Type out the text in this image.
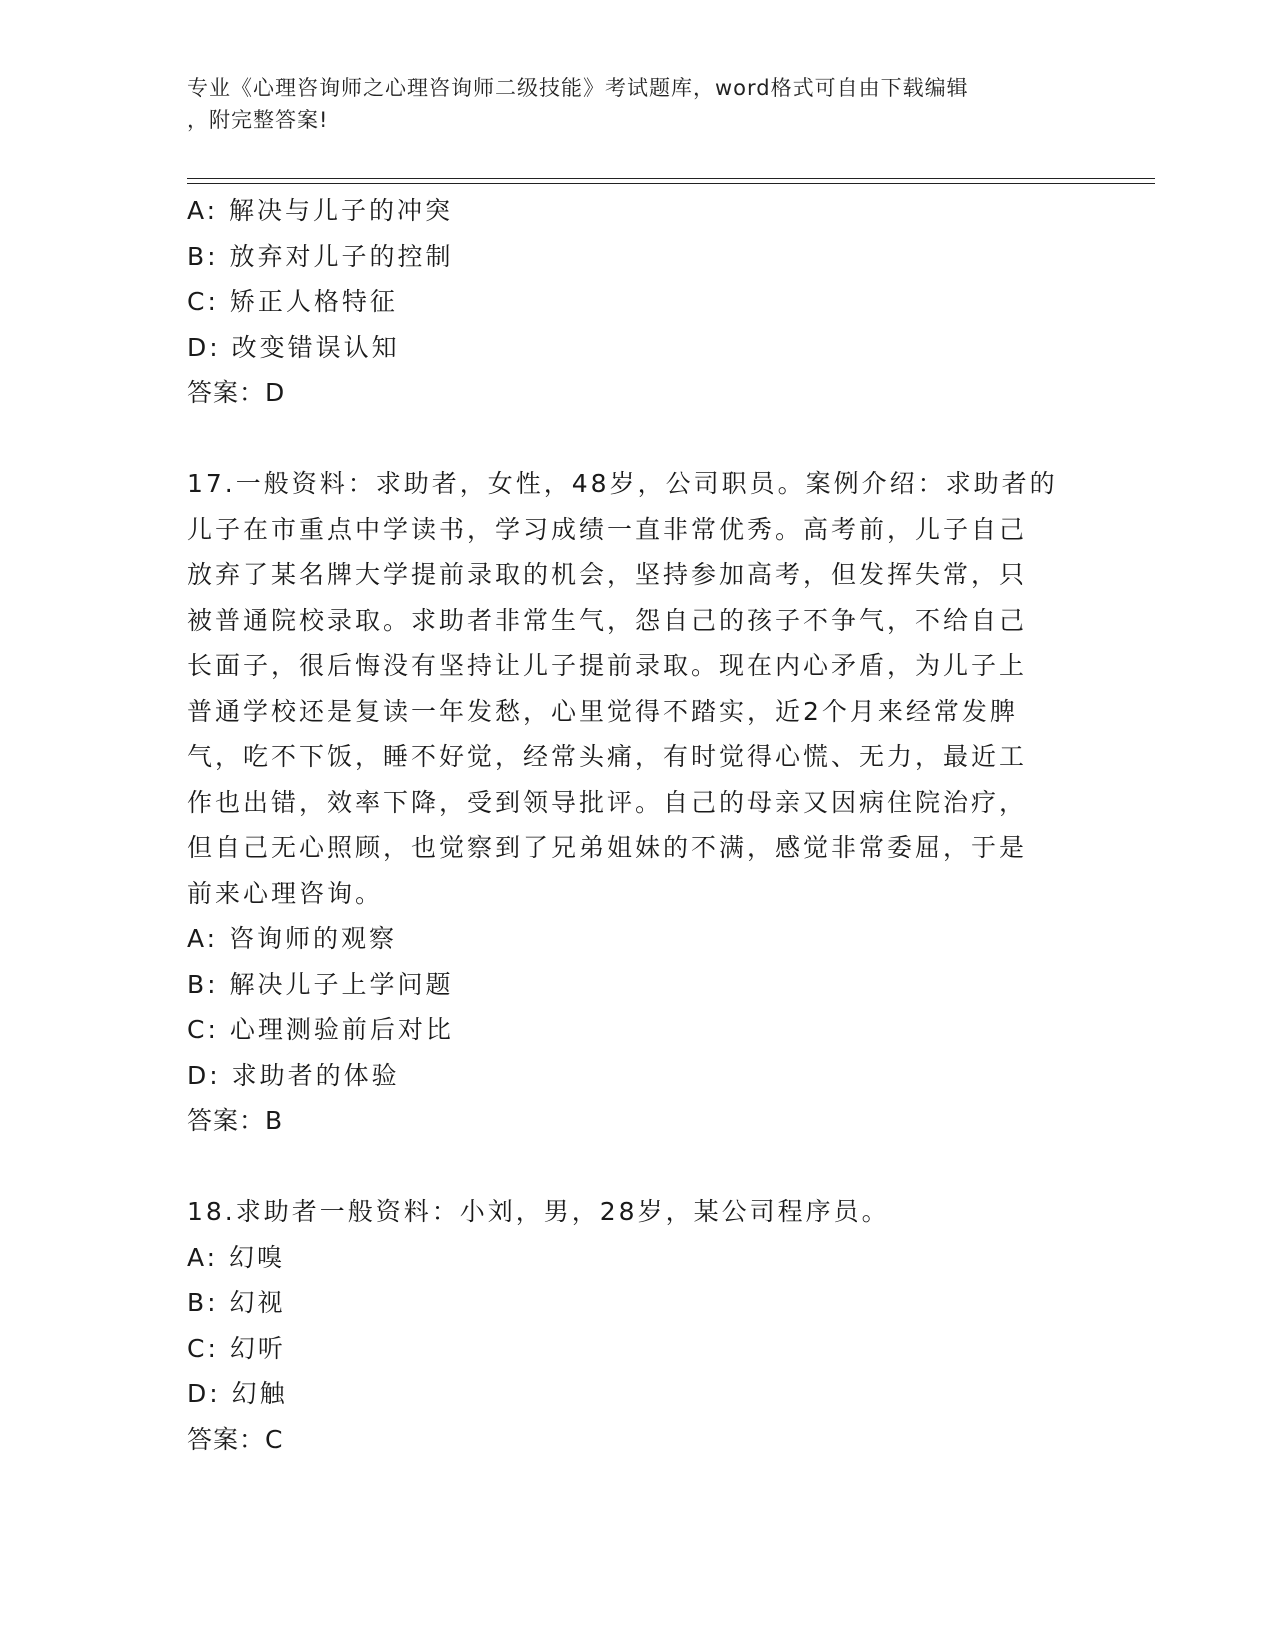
专业《心理咨询师之心理咨询师二级技能》考试题库，word格式可自由下载编辑
，附完整答案!
A: 解决与儿子的冲突
B: 放弃对儿子的控制
C: 矫正人格特征
D: 改变错误认知
答案：D
17.一般资料：求助者，女性，48岁，公司职员。案例介绍：求助者的
儿子在市重点中学读书，学习成绩一直非常优秀。高考前，儿子自己
放弃了某名牌大学提前录取的机会，坚持参加高考，但发挥失常，只
被普通院校录取。求助者非常生气，怨自己的孩子不争气，不给自己
长面子，很后悔没有坚持让儿子提前录取。现在内心矛盾，为儿子上
普通学校还是复读一年发愁，心里觉得不踏实，近2个月来经常发脾
气，吃不下饭，睡不好觉，经常头痛，有时觉得心慌、无力，最近工
作也出错，效率下降，受到领导批评。自己的母亲又因病住院治疗，
但自己无心照顾，也觉察到了兄弟姐妹的不满，感觉非常委屈，于是
前来心理咨询。
A: 咨询师的观察
B: 解决儿子上学问题
C: 心理测验前后对比
D: 求助者的体验
答案：B
18.求助者一般资料：小刘，男，28岁，某公司程序员。
A: 幻嗅
B: 幻视
C: 幻听
D: 幻触
答案：C
